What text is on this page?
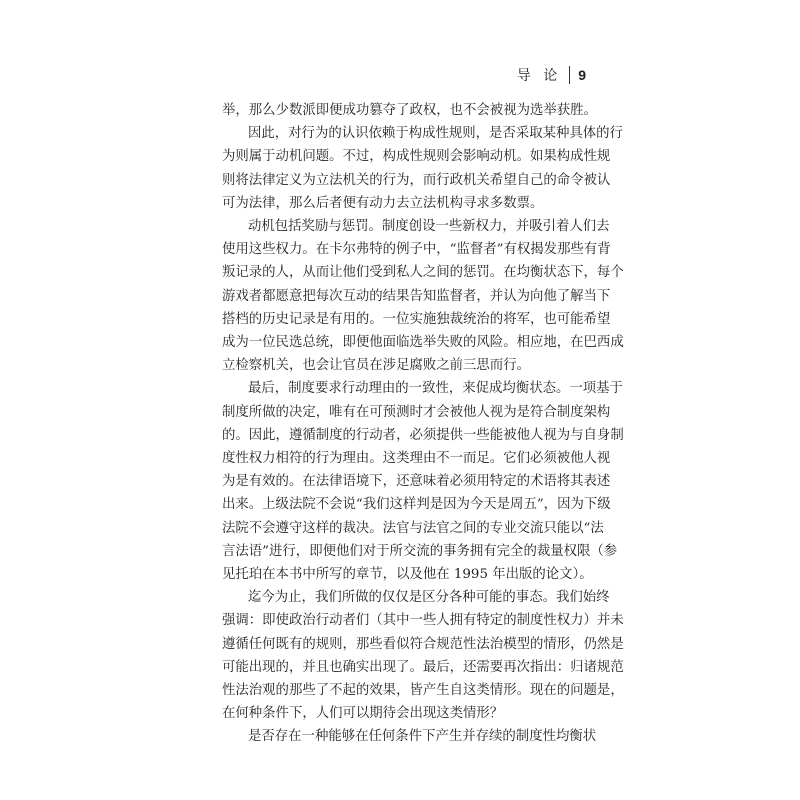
导 论	9
举，那么少数派即便成功篡夺了政权，也不会被视为选举获胜。
因此，对行为的认识依赖于构成性规则，是否采取某种具体的行
为则属于动机问题。不过，构成性规则会影响动机。如果构成性规
则将法律定义为立法机关的行为，而行政机关希望自己的命令被认
可为法律，那么后者便有动力去立法机构寻求多数票。
动机包括奖励与惩罚。制度创设一些新权力，并吸引着人们去
使用这些权力。在卡尔弗特的例子中，“监督者”有权揭发那些有背
叛记录的人，从而让他们受到私人之间的惩罚。在均衡状态下，每个
游戏者都愿意把每次互动的结果告知监督者，并认为向他了解当下
搭档的历史记录是有用的。一位实施独裁统治的将军，也可能希望
成为一位民选总统，即便他面临选举失败的风险。相应地，在巴西成
立检察机关，也会让官员在涉足腐败之前三思而行。
最后，制度要求行动理由的一致性，来促成均衡状态。一项基于
制度所做的决定，唯有在可预测时才会被他人视为是符合制度架构
的。因此，遵循制度的行动者，必须提供一些能被他人视为与自身制
度性权力相符的行为理由。这类理由不一而足。它们必须被他人视
为是有效的。在法律语境下，还意味着必须用特定的术语将其表述
出来。上级法院不会说“我们这样判是因为今天是周五”，因为下级
法院不会遵守这样的裁决。法官与法官之间的专业交流只能以“法
言法语”进行，即便他们对于所交流的事务拥有完全的裁量权限（参
见托珀在本书中所写的章节，以及他在 1995 年出版的论文）。
迄今为止，我们所做的仅仅是区分各种可能的事态。我们始终
强调：即使政治行动者们（其中一些人拥有特定的制度性权力）并未
遵循任何既有的规则，那些看似符合规范性法治模型的情形，仍然是
可能出现的，并且也确实出现了。最后，还需要再次指出：归诸规范
性法治观的那些了不起的效果，皆产生自这类情形。现在的问题是，
在何种条件下，人们可以期待会出现这类情形？
是否存在一种能够在任何条件下产生并存续的制度性均衡状
